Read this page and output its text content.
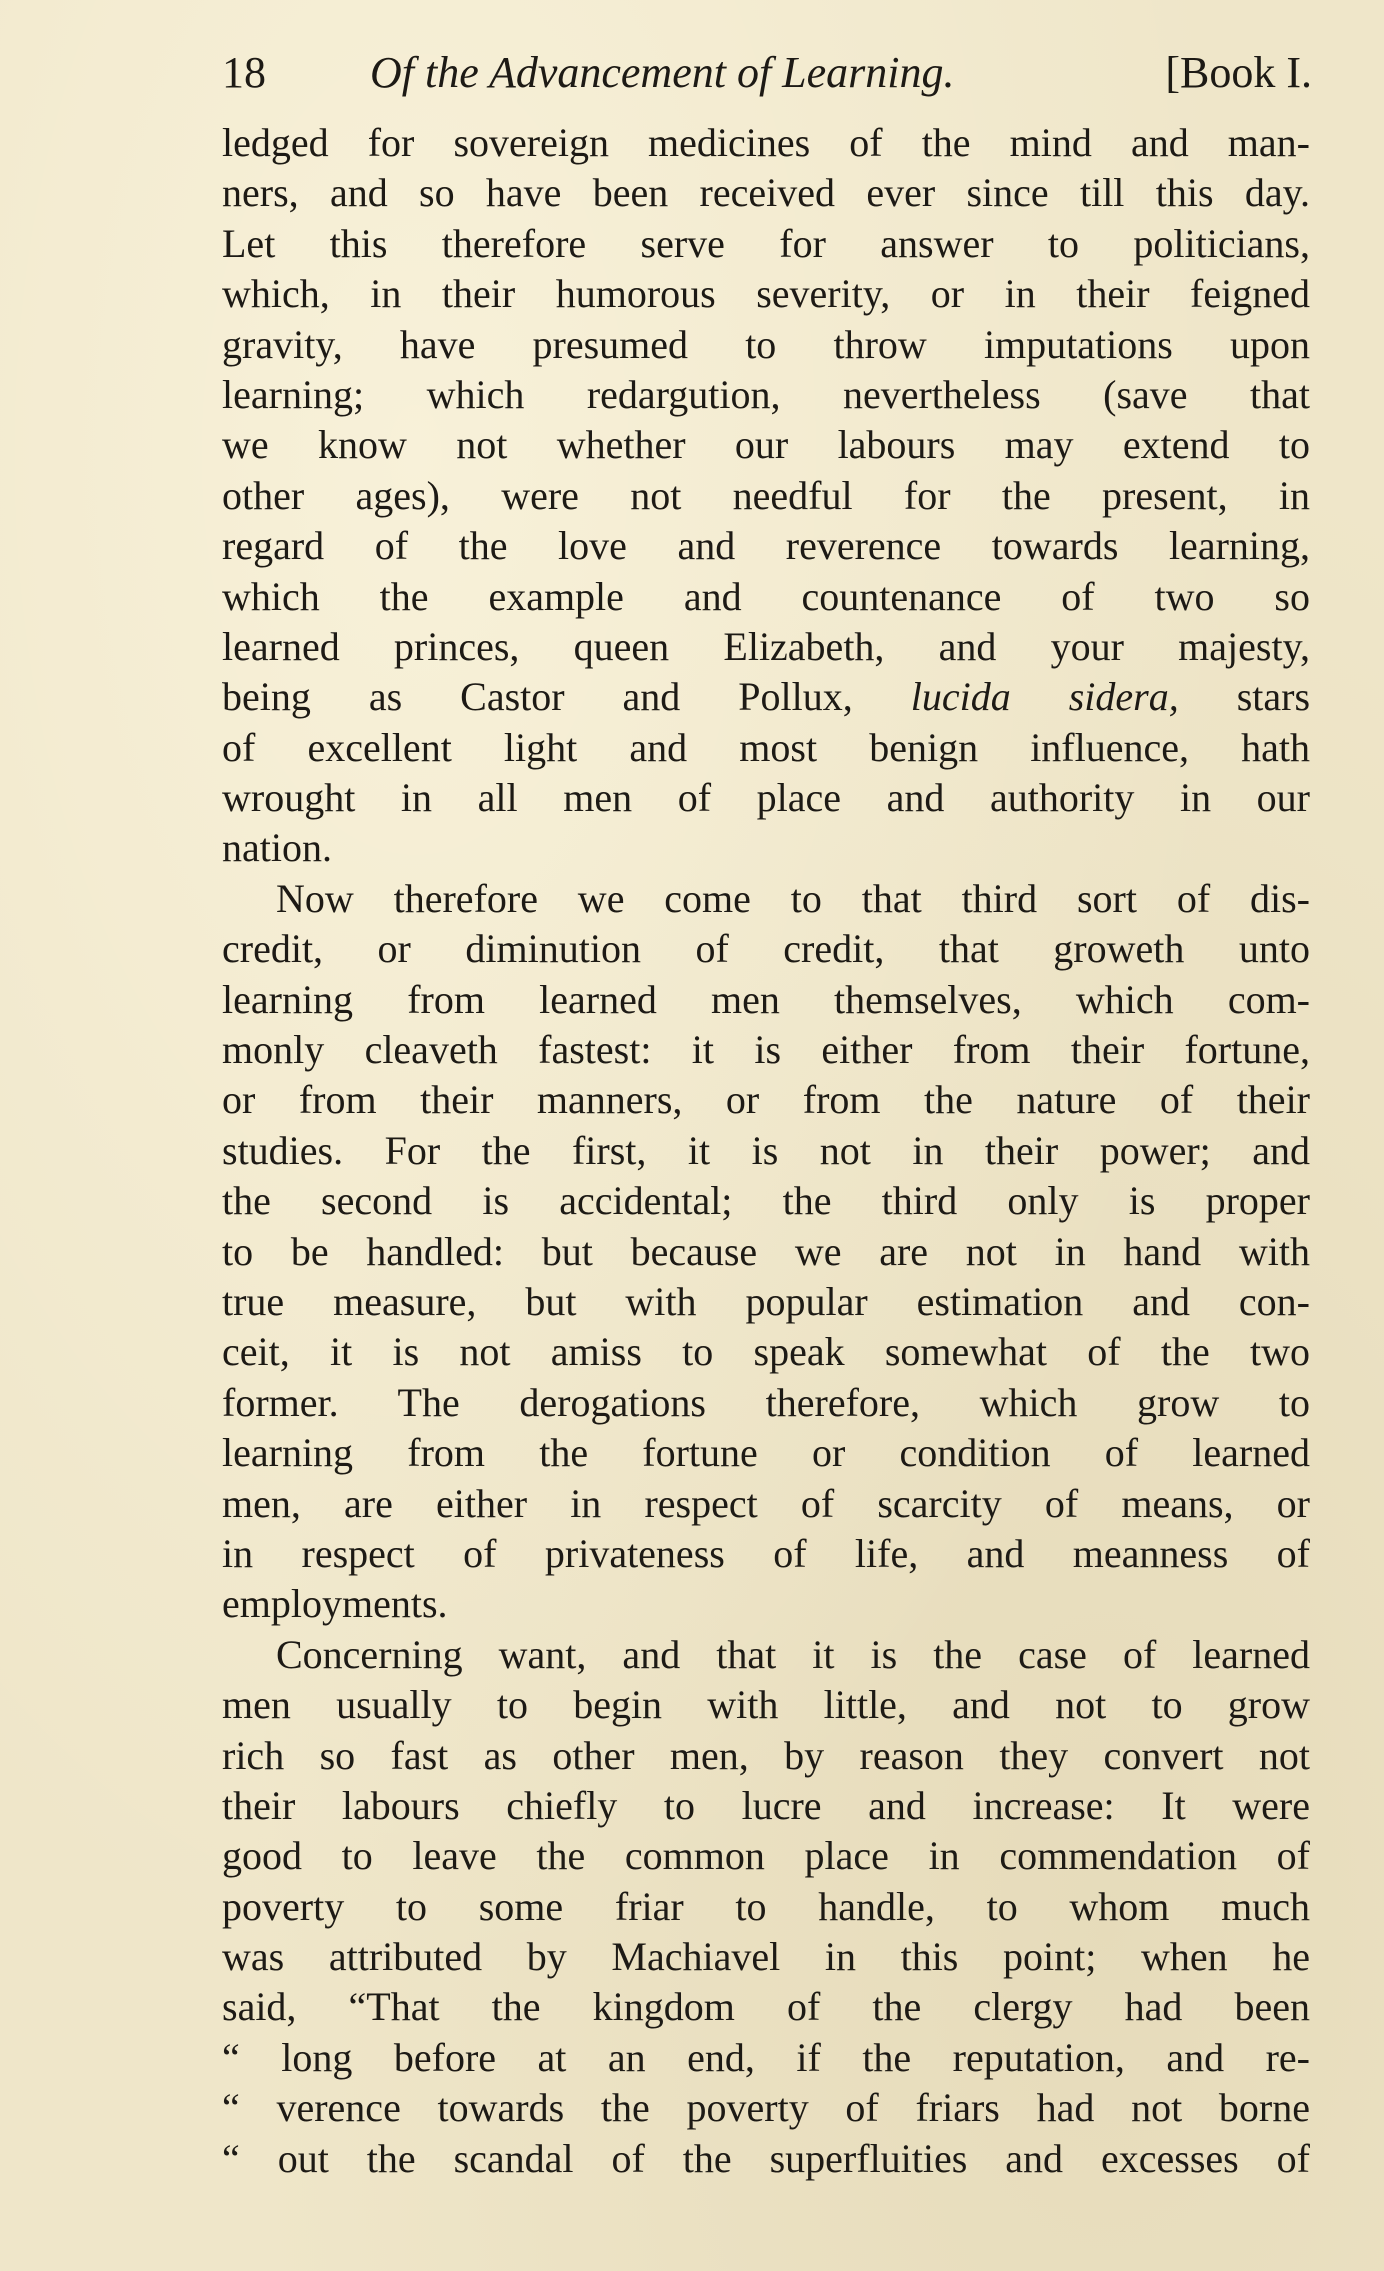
18 Of the Advancement of Learning.	[Book I.
ledged for sovereign medicines of the mind and man-
ners, and so have been received ever since till this day.
Let this therefore serve for answer to politicians,
which, in their humorous severity, or in their feigned
gravity, have presumed to throw imputations upon
learning; which redargution, nevertheless (save that
we know not whether our labours may extend to
other ages), were not needful for the present, in
regard of the love and reverence towards learning,
which the example and countenance of two so
learned princes, queen Elizabeth, and your majesty,
being as Castor and Pollux, lucida sidera, stars
of excellent light and most benign influence, hath
wrought in all men of place and authority in our
nation.
Now therefore we come to that third sort of dis-
credit, or diminution of credit, that groweth unto
learning from learned men themselves, which com-
monly cleaveth fastest: it is either from their fortune,
or from their manners, or from the nature of their
studies. For the first, it is not in their power; and
the second is accidental; the third only is proper
to be handled: but because we are not in hand with
true measure, but with popular estimation and con-
ceit, it is not amiss to speak somewhat of the two
former. The derogations therefore, which grow to
learning from the fortune or condition of learned
men, are either in respect of scarcity of means, or
in respect of privateness of life, and meanness of
employments.
Concerning want, and that it is the case of learned
men usually to begin with little, and not to grow
rich so fast as other men, by reason they convert not
their labours chiefly to lucre and increase: It were
good to leave the common place in commendation of
poverty to some friar to handle, to whom much
was attributed by Machiavel in this point; when he
said, “That the kingdom of the clergy had been
“ long before at an end, if the reputation, and re-
“ verence towards the poverty of friars had not borne
“ out the scandal of the superfluities and excesses of
